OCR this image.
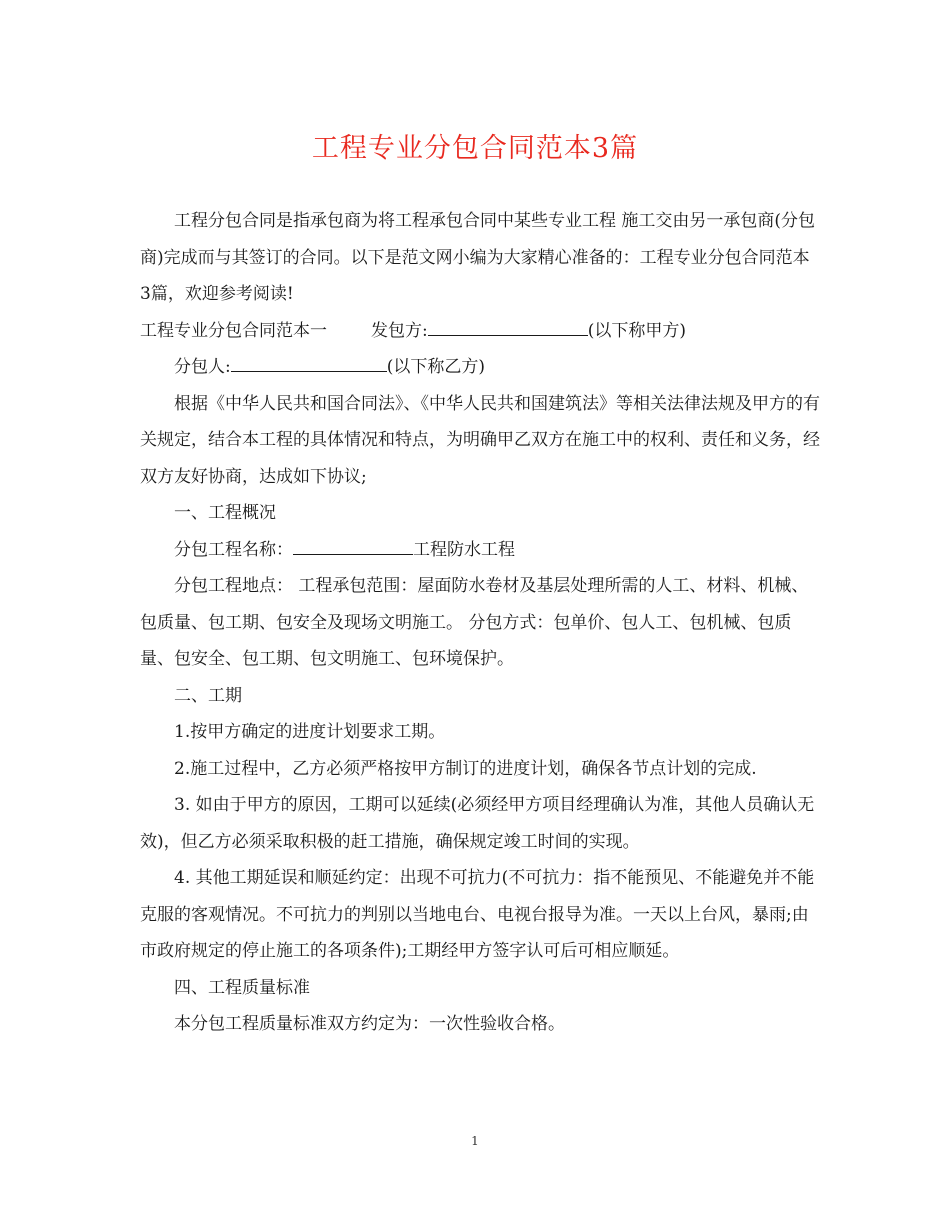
工程专业分包合同范本3篇

工程分包合同是指承包商为将工程承包合同中某些专业工程 施工交由另一承包商(分包商)完成而与其签订的合同。以下是范文网小编为大家精心准备的：工程专业分包合同范本3篇，欢迎参考阅读!

工程专业分包合同范本一	发包方:	(以下称甲方)

分包人:	(以下称乙方)

根据《中华人民共和国合同法》、《中华人民共和国建筑法》等相关法律法规及甲方的有关规定，结合本工程的具体情况和特点，为明确甲乙双方在施工中的权利、责任和义务，经双方友好协商，达成如下协议;

一、工程概况

分包工程名称：	工程防水工程

分包工程地点： 工程承包范围：屋面防水卷材及基层处理所需的人工、材料、机械、包质量、包工期、包安全及现场文明施工。 分包方式：包单价、包人工、包机械、包质量、包安全、包工期、包文明施工、包环境保护。

二、工期

1.按甲方确定的进度计划要求工期。

2.施工过程中，乙方必须严格按甲方制订的进度计划，确保各节点计划的完成.

3. 如由于甲方的原因，工期可以延续(必须经甲方项目经理确认为准，其他人员确认无效)，但乙方必须采取积极的赶工措施，确保规定竣工时间的实现。

4. 其他工期延误和顺延约定：出现不可抗力(不可抗力：指不能预见、不能避免并不能克服的客观情况。不可抗力的判别以当地电台、电视台报导为准。一天以上台风，暴雨;由市政府规定的停止施工的各项条件);工期经甲方签字认可后可相应顺延。

四、工程质量标准

本分包工程质量标准双方约定为：一次性验收合格。

1
